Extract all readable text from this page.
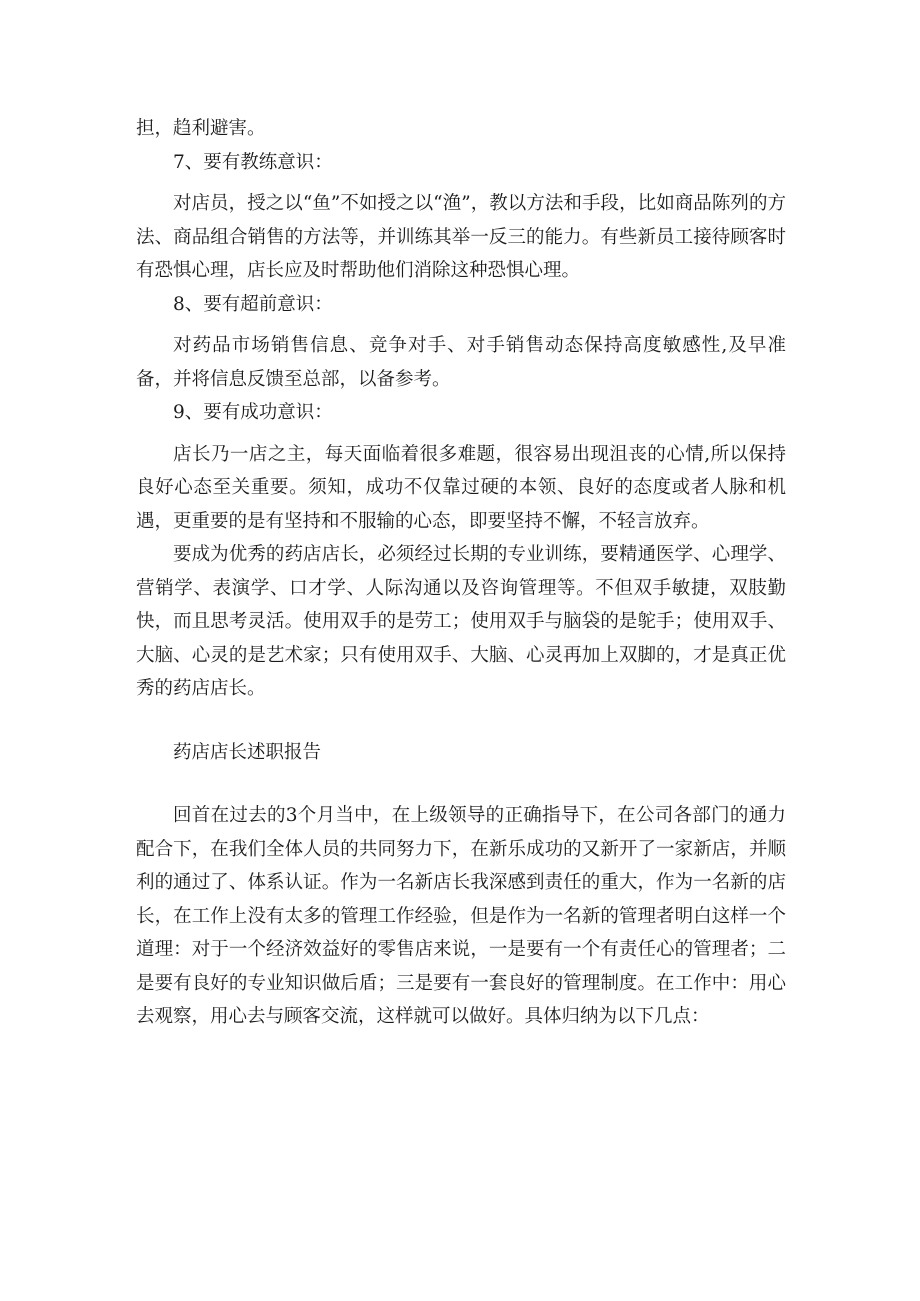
担，趋利避害。

7、要有教练意识：

对店员，授之以“鱼”不如授之以“渔”，教以方法和手段，比如商品陈列的方法、商品组合销售的方法等，并训练其举一反三的能力。有些新员工接待顾客时有恐惧心理，店长应及时帮助他们消除这种恐惧心理。

8、要有超前意识：

对药品市场销售信息、竞争对手、对手销售动态保持高度敏感性,及早准备，并将信息反馈至总部，以备参考。

9、要有成功意识：

店长乃一店之主，每天面临着很多难题，很容易出现沮丧的心情,所以保持良好心态至关重要。须知，成功不仅靠过硬的本领、良好的态度或者人脉和机遇，更重要的是有坚持和不服输的心态，即要坚持不懈，不轻言放弃。

要成为优秀的药店店长，必须经过长期的专业训练，要精通医学、心理学、营销学、表演学、口才学、人际沟通以及咨询管理等。不但双手敏捷，双肢勤快，而且思考灵活。使用双手的是劳工；使用双手与脑袋的是鸵手；使用双手、大脑、心灵的是艺术家；只有使用双手、大脑、心灵再加上双脚的，才是真正优秀的药店店长。

药店店长述职报告

回首在过去的3个月当中，在上级领导的正确指导下，在公司各部门的通力配合下，在我们全体人员的共同努力下，在新乐成功的又新开了一家新店，并顺利的通过了、体系认证。作为一名新店长我深感到责任的重大，作为一名新的店长，在工作上没有太多的管理工作经验，但是作为一名新的管理者明白这样一个道理：对于一个经济效益好的零售店来说，一是要有一个有责任心的管理者；二是要有良好的专业知识做后盾；三是要有一套良好的管理制度。在工作中：用心去观察，用心去与顾客交流，这样就可以做好。具体归纳为以下几点：
